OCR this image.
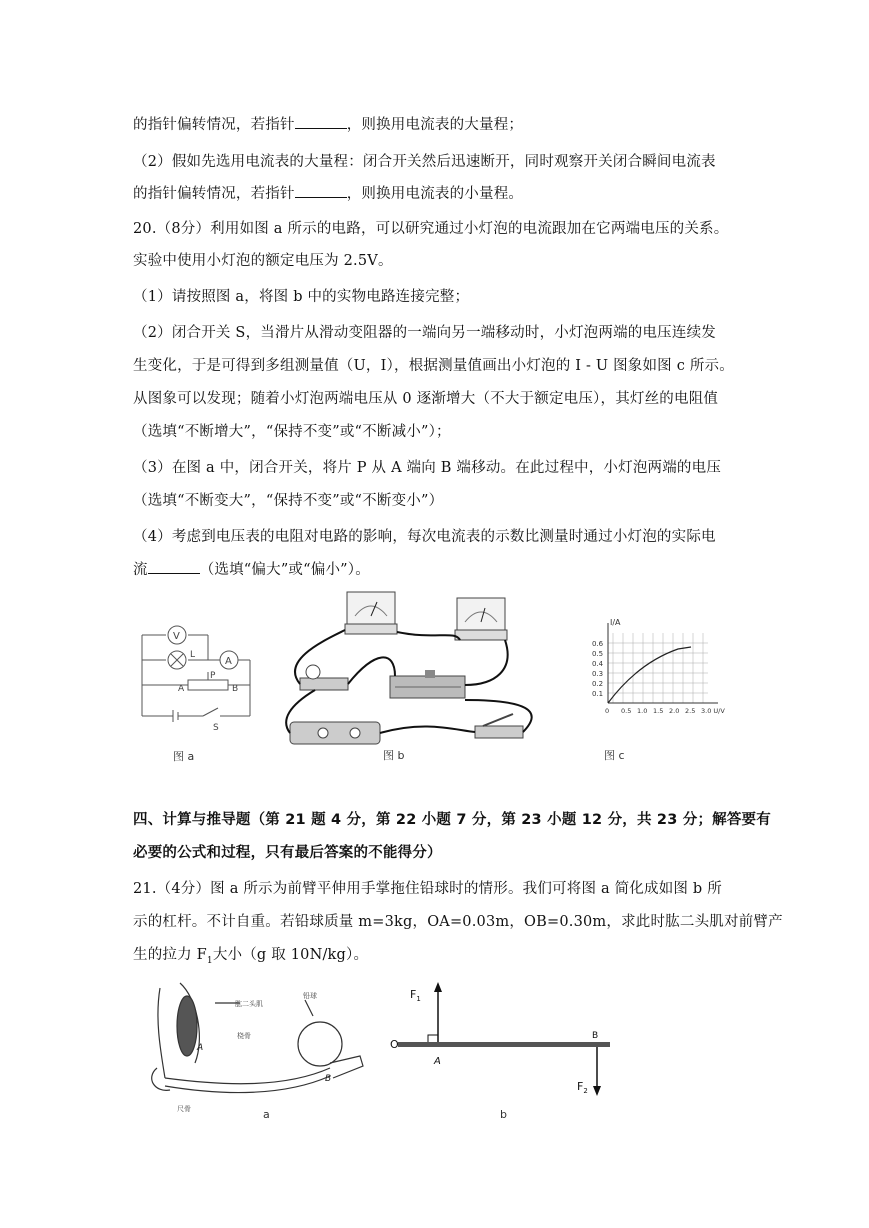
的指针偏转情况，若指针	，则换用电流表的大量程；
（2）假如先选用电流表的大量程：闭合开关然后迅速断开，同时观察开关闭合瞬间电流表
的指针偏转情况，若指针	，则换用电流表的小量程。
20.（8分）利用如图 a 所示的电路，可以研究通过小灯泡的电流跟加在它两端电压的关系。
实验中使用小灯泡的额定电压为 2.5V。
（1）请按照图 a，将图 b 中的实物电路连接完整；
（2）闭合开关 S，当滑片从滑动变阻器的一端向另一端移动时，小灯泡两端的电压连续发
生变化，于是可得到多组测量值（U，I），根据测量值画出小灯泡的 I - U 图象如图 c 所示。
从图象可以发现；随着小灯泡两端电压从 0 逐渐增大（不大于额定电压），其灯丝的电阻值
（选填“不断增大”，“保持不变”或“不断减小”）；
（3）在图 a 中，闭合开关，将片 P 从 A 端向 B 端移动。在此过程中，小灯泡两端的电压
（选填“不断变大”，“保持不变”或“不断变小”）
（4）考虑到电压表的电阻对电路的影响，每次电流表的示数比测量时通过小灯泡的实际电
流	（选填“偏大”或“偏小”）。
V
A
L
P
A	B
S
图 a	图 b
I/A
0.6
0.5
0.4
0.3
0.2
0.1
0 0.5 1.0 1.5 2.0 2.5 3.0 U/V
图 c
四、计算与推导题（第 21 题 4 分，第 22 小题 7 分，第 23 小题 12 分，共 23 分；解答要有
必要的公式和过程，只有最后答案的不能得分）
21.（4分）图 a 所示为前臂平伸用手掌拖住铅球时的情形。我们可将图 a 简化成如图 b 所
示的杠杆。不计自重。若铅球质量 m=3kg，OA=0.03m，OB=0.30m，求此时肱二头肌对前臂产
生的拉力 $F_1$大小（g 取 10N/kg）。
肱二头肌
铅球
桡骨
尺骨
A
B
a
$F_1$
O
A
B
$F_2$
b
